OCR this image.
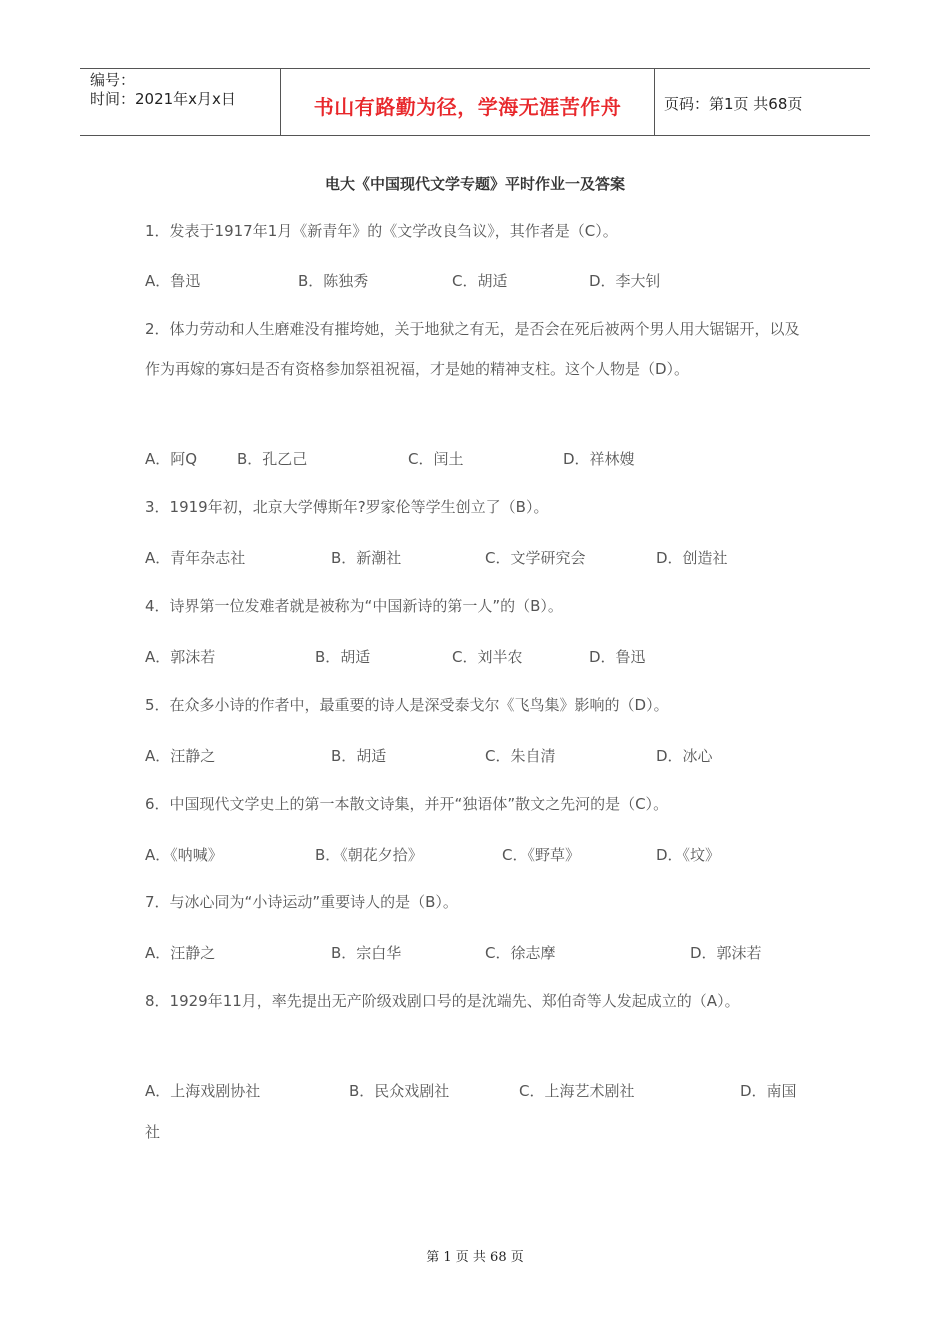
编号：
时间：2021年x月x日	书山有路勤为径，学海无涯苦作舟	页码：第1页 共68页
电大《中国现代文学专题》平时作业一及答案
1．发表于1917年1月《新青年》的《文学改良刍议》，其作者是（C）。
A．鲁迅	B．陈独秀	C．胡适	D．李大钊
2．体力劳动和人生磨难没有摧垮她，关于地狱之有无，是否会在死后被两个男人用大锯锯开，以及作为再嫁的寡妇是否有资格参加祭祖祝福，才是她的精神支柱。这个人物是（D）。
A．阿Q	B．孔乙己	C．闰土	D．祥林嫂
3．1919年初，北京大学傅斯年?罗家伦等学生创立了（B）。
A．青年杂志社	B．新潮社	C．文学研究会	D．创造社
4．诗界第一位发难者就是被称为“中国新诗的第一人”的（B）。
A．郭沫若	B．胡适	C．刘半农	D．鲁迅
5．在众多小诗的作者中，最重要的诗人是深受泰戈尔《飞鸟集》影响的（D）。
A．汪静之	B．胡适	C．朱自清	D．冰心
6．中国现代文学史上的第一本散文诗集，并开“独语体”散文之先河的是（C）。
A．《呐喊》	B．《朝花夕拾》	C．《野草》	D．《坟》
7．与冰心同为“小诗运动”重要诗人的是（B）。
A．汪静之	B．宗白华	C．徐志摩	D．郭沫若
8．1929年11月，率先提出无产阶级戏剧口号的是沈端先、郑伯奇等人发起成立的（A）。
A．上海戏剧协社	B．民众戏剧社	C．上海艺术剧社	D．南国
社
第 1 页 共 68 页
